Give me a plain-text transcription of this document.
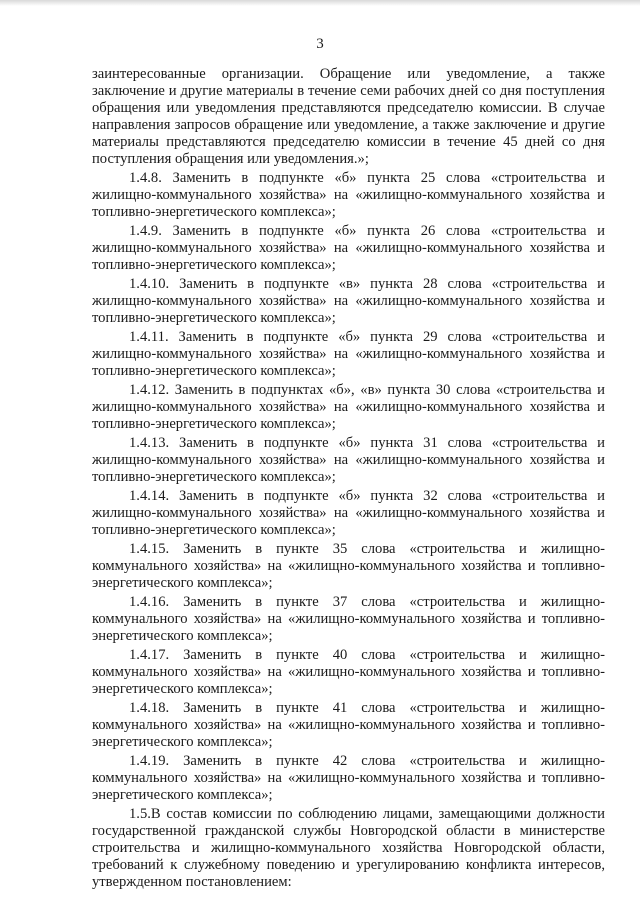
3

заинтересованные организации. Обращение или уведомление, а также заключение и другие материалы в течение семи рабочих дней со дня поступления обращения или уведомления представляются председателю комиссии. В случае направления запросов обращение или уведомление, а также заключение и другие материалы представляются председателю комиссии в течение 45 дней со дня поступления обращения или уведомления.»;

1.4.8. Заменить в подпункте «б» пункта 25 слова «строительства и жилищно-коммунального хозяйства» на «жилищно-коммунального хозяйства и топливно-энергетического комплекса»;

1.4.9. Заменить в подпункте «б» пункта 26 слова «строительства и жилищно-коммунального хозяйства» на «жилищно-коммунального хозяйства и топливно-энергетического комплекса»;

1.4.10. Заменить в подпункте «в» пункта 28 слова «строительства и жилищно-коммунального хозяйства» на «жилищно-коммунального хозяйства и топливно-энергетического комплекса»;

1.4.11. Заменить в подпункте «б» пункта 29 слова «строительства и жилищно-коммунального хозяйства» на «жилищно-коммунального хозяйства и топливно-энергетического комплекса»;

1.4.12. Заменить в подпунктах «б», «в» пункта 30 слова «строительства и жилищно-коммунального хозяйства» на «жилищно-коммунального хозяйства и топливно-энергетического комплекса»;

1.4.13. Заменить в подпункте «б» пункта 31 слова «строительства и жилищно-коммунального хозяйства» на «жилищно-коммунального хозяйства и топливно-энергетического комплекса»;

1.4.14. Заменить в подпункте «б» пункта 32 слова «строительства и жилищно-коммунального хозяйства» на «жилищно-коммунального хозяйства и топливно-энергетического комплекса»;

1.4.15. Заменить в пункте 35 слова «строительства и жилищно-коммунального хозяйства» на «жилищно-коммунального хозяйства и топливно-энергетического комплекса»;

1.4.16. Заменить в пункте 37 слова «строительства и жилищно-коммунального хозяйства» на «жилищно-коммунального хозяйства и топливно-энергетического комплекса»;

1.4.17. Заменить в пункте 40 слова «строительства и жилищно-коммунального хозяйства» на «жилищно-коммунального хозяйства и топливно-энергетического комплекса»;

1.4.18. Заменить в пункте 41 слова «строительства и жилищно-коммунального хозяйства» на «жилищно-коммунального хозяйства и топливно-энергетического комплекса»;

1.4.19. Заменить в пункте 42 слова «строительства и жилищно-коммунального хозяйства» на «жилищно-коммунального хозяйства и топливно-энергетического комплекса»;

1.5.В состав комиссии по соблюдению лицами, замещающими должности государственной гражданской службы Новгородской области в министерстве строительства и жилищно-коммунального хозяйства Новгородской области, требований к служебному поведению и урегулированию конфликта интересов, утвержденном постановлением:
